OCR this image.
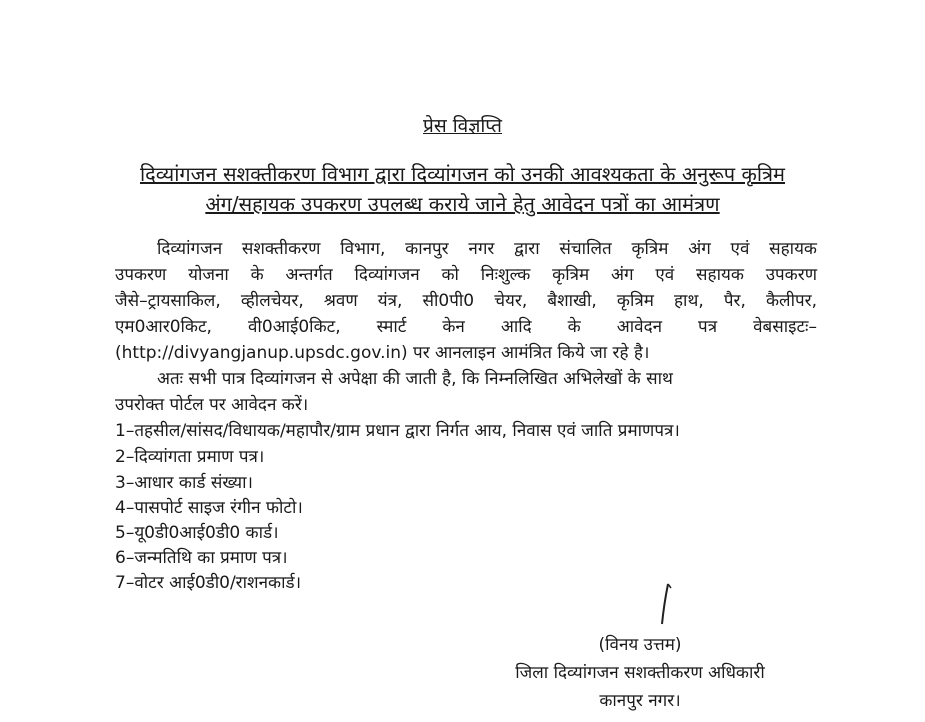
प्रेस विज्ञप्ति
दिव्यांगजन सशक्तीकरण विभाग द्वारा दिव्यांगजन को उनकी आवश्यकता के अनुरूप कृत्रिम
अंग/सहायक उपकरण उपलब्ध कराये जाने हेतु आवेदन पत्रों का आमंत्रण
दिव्यांगजन सशक्तीकरण विभाग, कानपुर नगर द्वारा संचालित कृत्रिम अंग एवं सहायक
उपकरण योजना के अन्तर्गत दिव्यांगजन को निःशुल्क कृत्रिम अंग एवं सहायक उपकरण
जैसे–ट्रायसाकिल, व्हीलचेयर, श्रवण यंत्र, सी0पी0 चेयर, बैशाखी, कृत्रिम हाथ, पैर, कैलीपर,
एम0आर0किट, वी0आई0किट, स्मार्ट केन आदि के आवेदन पत्र वेबसाइटः–
(http://divyangjanup.upsdc.gov.in) पर आनलाइन आमंत्रित किये जा रहे है।
अतः सभी पात्र दिव्यांगजन से अपेक्षा की जाती है, कि निम्नलिखित अभिलेखों के साथ
उपरोक्त पोर्टल पर आवेदन करें।
1–तहसील/सांसद/विधायक/महापौर/ग्राम प्रधान द्वारा निर्गत आय, निवास एवं जाति प्रमाणपत्र।
2–दिव्यांगता प्रमाण पत्र।
3–आधार कार्ड संख्या।
4–पासपोर्ट साइज रंगीन फोटो।
5–यू0डी0आई0डी0 कार्ड।
6–जन्मतिथि का प्रमाण पत्र।
7–वोटर आई0डी0/राशनकार्ड।
(विनय उत्तम)
जिला दिव्यांगजन सशक्तीकरण अधिकारी
कानपुर नगर।
